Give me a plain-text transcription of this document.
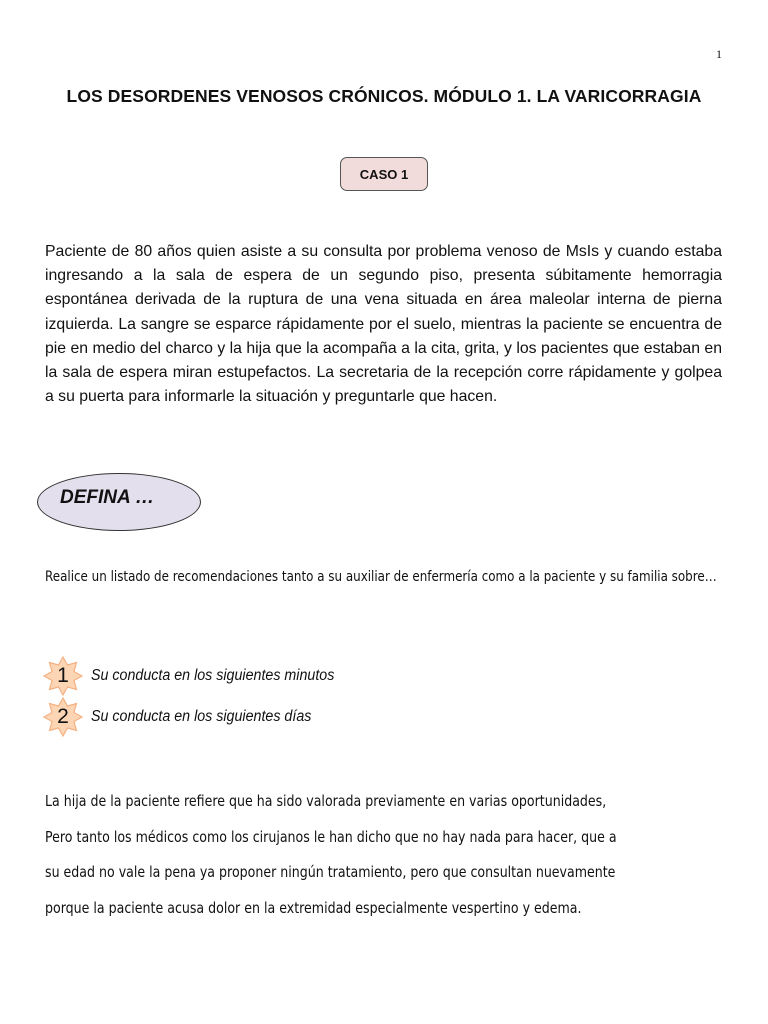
1
LOS DESORDENES VENOSOS CRÓNICOS. MÓDULO 1. LA VARICORRAGIA
CASO 1

Paciente de 80 años quien asiste a su consulta por problema venoso de MsIs y cuando estaba ingresando a la sala de espera de un segundo piso, presenta súbitamente hemorragia espontánea derivada de la ruptura de una vena situada en área maleolar interna de pierna izquierda. La sangre se esparce rápidamente por el suelo, mientras la paciente se encuentra de pie en medio del charco y la hija que la acompaña a la cita, grita, y los pacientes que estaban en la sala de espera miran estupefactos. La secretaria de la recepción corre rápidamente y golpea a su puerta para informarle la situación y preguntarle que hacen.

DEFINA …

Realice un listado de recomendaciones tanto a su auxiliar de enfermería como a la paciente y su familia sobre…

1	Su conducta en los siguientes minutos
2	Su conducta en los siguientes días
La hija de la paciente refiere que ha sido valorada previamente en varias oportunidades,
Pero tanto los médicos como los cirujanos le han dicho que no hay nada para hacer, que a
su edad no vale la pena ya proponer ningún tratamiento, pero que consultan nuevamente
porque la paciente acusa dolor en la extremidad especialmente vespertino y edema.
